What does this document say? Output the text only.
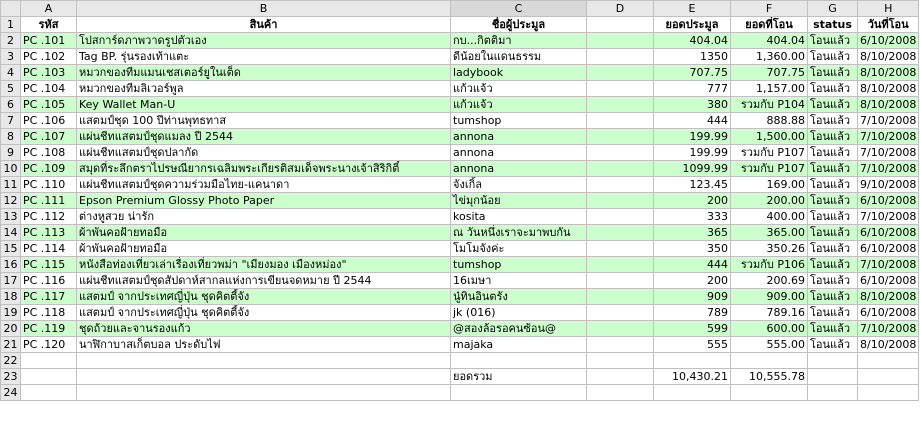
	A	B	C	D	E	F	G	H
1	รหัส	สินค้า	ชื่อผู้ประมูล		ยอดประมูล	ยอดที่โอน	status	วันที่โอน
2	PC .101	โปสการ์ดภาพวาดรูปตัวเอง	กบ...กิตติมา		404.04	404.04	โอนแล้ว	6/10/2008
3	PC .102	Tag BP. รุ่นรองเท้าแตะ	ดีน้อยในแดนธรรม		1350	1,360.00	โอนแล้ว	8/10/2008
4	PC .103	หมวกของทีมแมนเชสเตอร์ยูในเต็ด	ladybook		707.75	707.75	โอนแล้ว	8/10/2008
5	PC .104	หมวกของทีมลิเวอร์พูล	แก้วแจ้ว		777	1,157.00	โอนแล้ว	8/10/2008
6	PC .105	Key Wallet Man-U	แก้วแจ้ว		380	รวมกับ P104	โอนแล้ว	8/10/2008
7	PC .106	แสตมป์ชุด 100 ปีท่านพุทธทาส	tumshop		444	888.88	โอนแล้ว	7/10/2008
8	PC .107	แผ่นชีทแสตมป์ชุดแมลง ปี 2544	annona		199.99	1,500.00	โอนแล้ว	7/10/2008
9	PC .108	แผ่นชีทแสตมป์ชุดปลากัด	annona		199.99	รวมกับ P107	โอนแล้ว	7/10/2008
10	PC .109	สมุดที่ระลึกตราไปรษณียากรเฉลิมพระเกียรติสมเด็จพระนางเจ้าสิริกิติ์	annona		1099.99	รวมกับ P107	โอนแล้ว	7/10/2008
11	PC .110	แผ่นชีทแสตมป์ชุดความร่วมมือไทย-แคนาดา	จังเกิ้ล		123.45	169.00	โอนแล้ว	9/10/2008
12	PC .111	Epson Premium Glossy Photo Paper	ไข่มุกน้อย		200	200.00	โอนแล้ว	6/10/2008
13	PC .112	ต่างหูสวย น่ารัก	kosita		333	400.00	โอนแล้ว	7/10/2008
14	PC .113	ผ้าพันคอฝ้ายทอมือ	ณ วันหนึ่งเราจะมาพบกัน		365	365.00	โอนแล้ว	6/10/2008
15	PC .114	ผ้าพันคอฝ้ายทอมือ	โมโมจังค่ะ		350	350.26	โอนแล้ว	6/10/2008
16	PC .115	หนังสือท่องเที่ยวเล่าเรื่องเที่ยวพม่า "เมียงมอง เมืองหม่อง"	tumshop		444	รวมกับ P106	โอนแล้ว	7/10/2008
17	PC .116	แผ่นชีทแสตมป์ชุดสัปดาห์สากลแห่งการเขียนจดหมาย ปี 2544	16เมษา		200	200.69	โอนแล้ว	6/10/2008
18	PC .117	แสตมป์ จากประเทศญี่ปุ่น ชุดคิตตี้จัง	นู๋ทินอินตรัง		909	909.00	โอนแล้ว	8/10/2008
19	PC .118	แสตมป์ จากประเทศญี่ปุ่น ชุดคิตตี้จัง	jk (016)		789	789.16	โอนแล้ว	6/10/2008
20	PC .119	ชุดถ้วยและจานรองแก้ว	@สองล้อรอคนซ้อน@		599	600.00	โอนแล้ว	7/10/2008
21	PC .120	นาฬิกาบาสเก็ตบอล ประดับไฟ	majaka		555	555.00	โอนแล้ว	8/10/2008
22								
23			ยอดรวม		10,430.21	10,555.78		
24								
